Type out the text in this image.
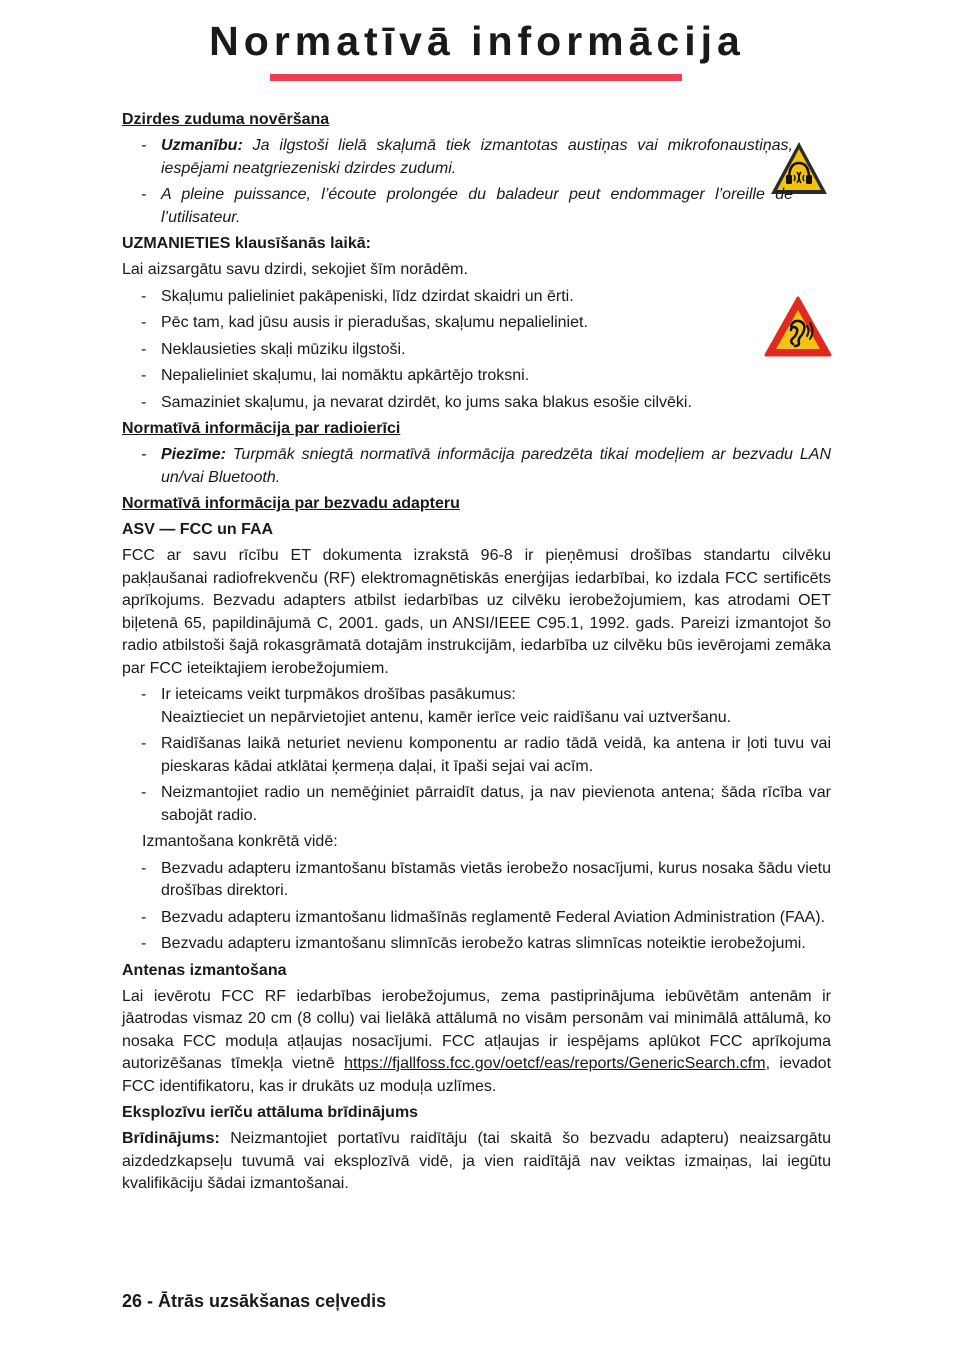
Normatīvā informācija

Dzirdes zuduma novēršana

- Uzmanību: Ja ilgstoši lielā skaļumā tiek izmantotas austiņas vai mikrofonaustiņas, iespējami neatgriezeniski dzirdes zudumi.
- A pleine puissance, l’écoute prolongée du baladeur peut endommager l’oreille de l’utilisateur.

UZMANIETIES klausīšanās laikā:

Lai aizsargātu savu dzirdi, sekojiet šīm norādēm.

- Skaļumu palieliniet pakāpeniski, līdz dzirdat skaidri un ērti.
- Pēc tam, kad jūsu ausis ir pieradušas, skaļumu nepalieliniet.
- Neklausieties skaļi mūziku ilgstoši.
- Nepalieliniet skaļumu, lai nomāktu apkārtējo troksni.
- Samaziniet skaļumu, ja nevarat dzirdēt, ko jums saka blakus esošie cilvēki.

Normatīvā informācija par radioierīci

- Piezīme: Turpmāk sniegtā normatīvā informācija paredzēta tikai modeļiem ar bezvadu LAN un/vai Bluetooth.

Normatīvā informācija par bezvadu adapteru

ASV — FCC un FAA

FCC ar savu rīcību ET dokumenta izrakstā 96-8 ir pieņēmusi drošības standartu cilvēku pakļaušanai radiofrekvenču (RF) elektromagnētiskās enerģijas iedarbībai, ko izdala FCC sertificēts aprīkojums. Bezvadu adapters atbilst iedarbības uz cilvēku ierobežojumiem, kas atrodami OET biļetenā 65, papildinājumā C, 2001. gads, un ANSI/IEEE C95.1, 1992. gads. Pareizi izmantojot šo radio atbilstoši šajā rokasgrāmatā dotajām instrukcijām, iedarbība uz cilvēku būs ievērojami zemāka par FCC ieteiktajiem ierobežojumiem.

- Ir ieteicams veikt turpmākos drošības pasākumus:
Neaiztieciet un nepārvietojiet antenu, kamēr ierīce veic raidīšanu vai uztveršanu.
- Raidīšanas laikā neturiet nevienu komponentu ar radio tādā veidā, ka antena ir ļoti tuvu vai pieskaras kādai atklātai ķermeņa daļai, it īpaši sejai vai acīm.
- Neizmantojiet radio un nemēģiniet pārraidīt datus, ja nav pievienota antena; šāda rīcība var sabojāt radio.

Izmantošana konkrētā vidē:

- Bezvadu adapteru izmantošanu bīstamās vietās ierobežo nosacījumi, kurus nosaka šādu vietu drošības direktori.
- Bezvadu adapteru izmantošanu lidmašīnās reglamentē Federal Aviation Administration (FAA).
- Bezvadu adapteru izmantošanu slimnīcās ierobežo katras slimnīcas noteiktie ierobežojumi.

Antenas izmantošana

Lai ievērotu FCC RF iedarbības ierobežojumus, zema pastiprinājuma iebūvētām antenām ir jāatrodas vismaz 20 cm (8 collu) vai lielākā attālumā no visām personām vai minimālā attālumā, ko nosaka FCC moduļa atļaujas nosacījumi. FCC atļaujas ir iespējams aplūkot FCC aprīkojuma autorizēšanas tīmekļa vietnē https://fjallfoss.fcc.gov/oetcf/eas/reports/GenericSearch.cfm, ievadot FCC identifikatoru, kas ir drukāts uz moduļa uzlīmes.

Eksplozīvu ierīču attāluma brīdinājums

Brīdinājums: Neizmantojiet portatīvu raidītāju (tai skaitā šo bezvadu adapteru) neaizsargātu aizdedzkapseļu tuvumā vai eksplozīvā vidē, ja vien raidītājā nav veiktas izmaiņas, lai iegūtu kvalifikāciju šādai izmantošanai.

26 - Ātrās uzsākšanas ceļvedis
